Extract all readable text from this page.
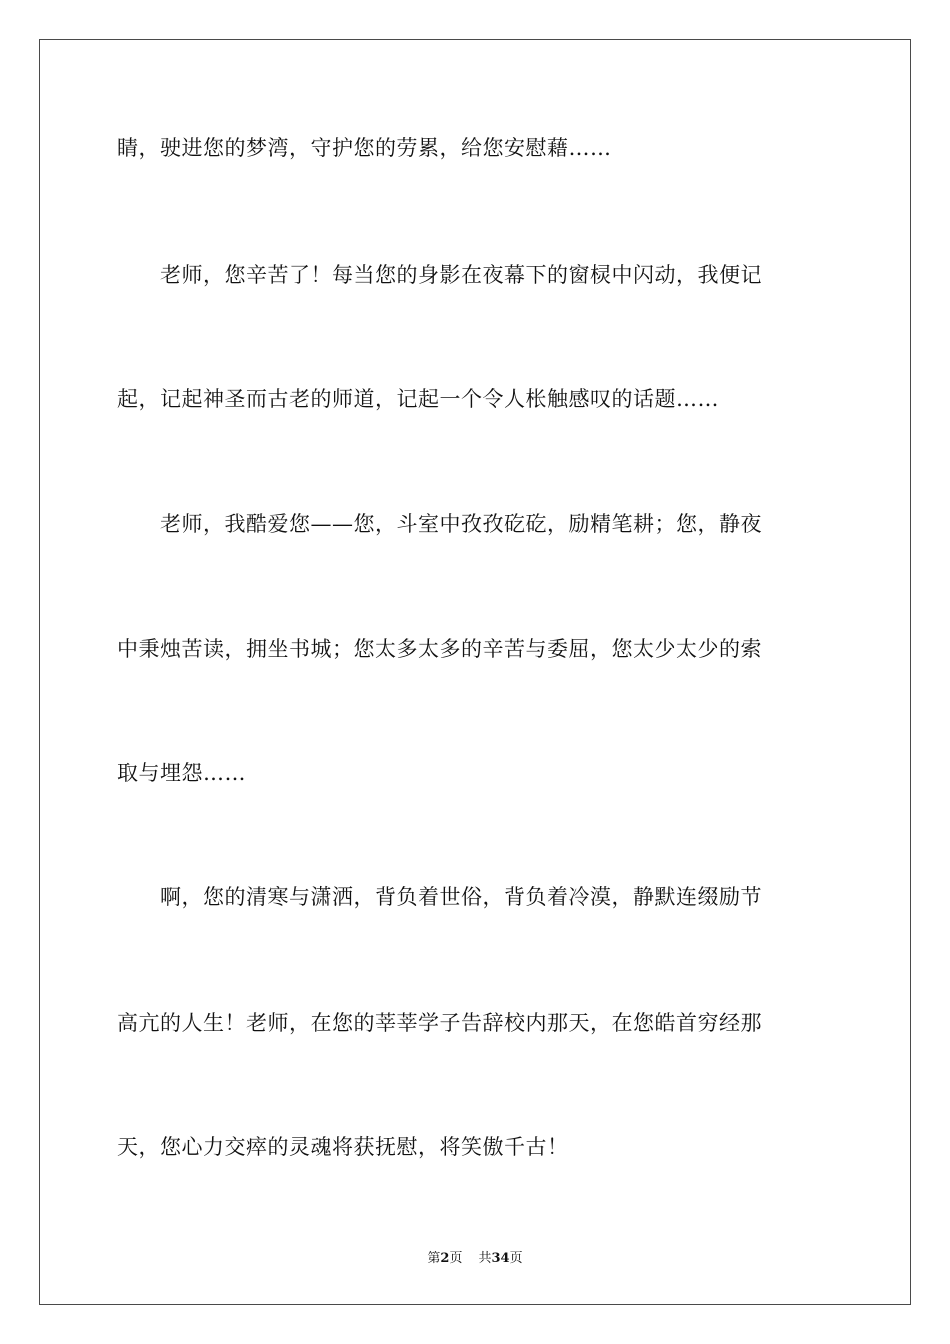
睛，驶进您的梦湾，守护您的劳累，给您安慰藉……
　　老师，您辛苦了！每当您的身影在夜幕下的窗棂中闪动，我便记
起，记起神圣而古老的师道，记起一个令人枨触感叹的话题……
　　老师，我酷爱您——您，斗室中孜孜矻矻，励精笔耕；您，静夜
中秉烛苦读，拥坐书城；您太多太多的辛苦与委屈，您太少太少的索
取与埋怨……
　　啊，您的清寒与潇洒，背负着世俗，背负着冷漠，静默连缀励节
高亢的人生！老师，在您的莘莘学子告辞校内那天，在您皓首穷经那
天，您心力交瘁的灵魂将获抚慰，将笑傲千古！
第2页 共34页
